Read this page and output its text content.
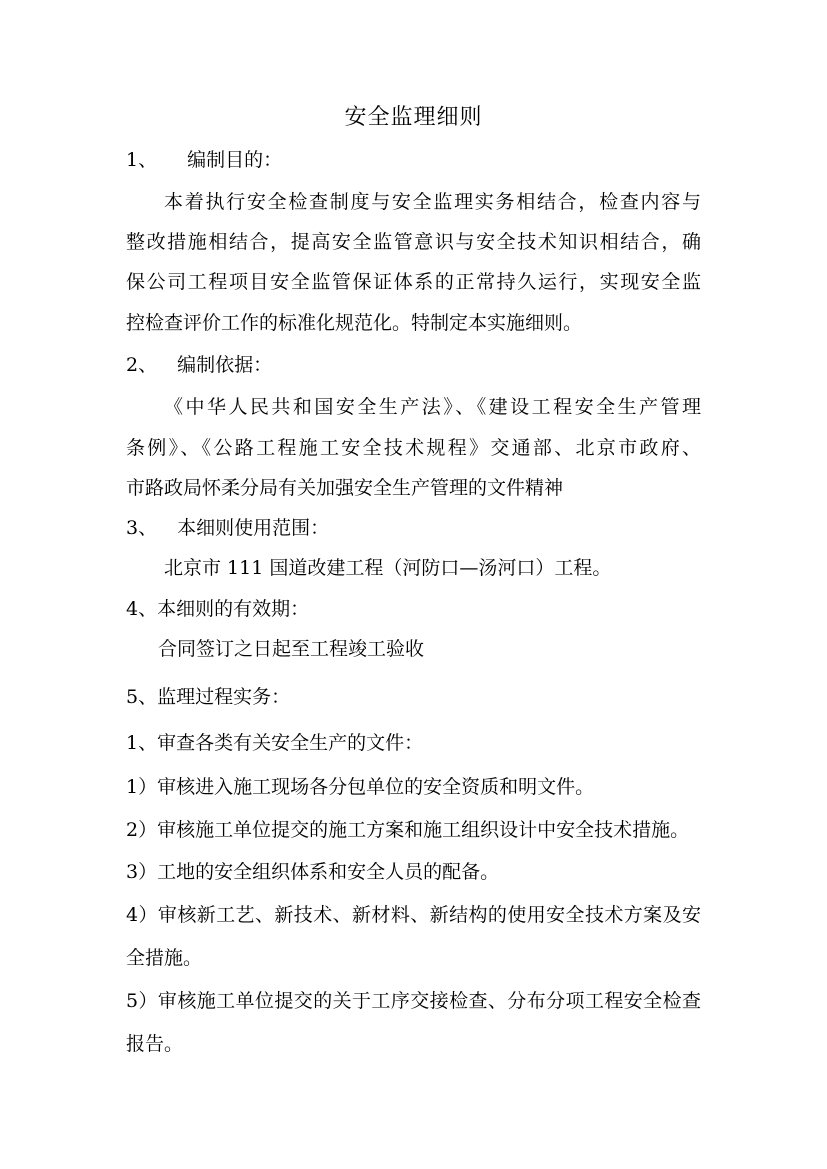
安全监理细则
1、 编制目的：
本着执行安全检查制度与安全监理实务相结合，检查内容与
整改措施相结合，提高安全监管意识与安全技术知识相结合，确
保公司工程项目安全监管保证体系的正常持久运行，实现安全监
控检查评价工作的标准化规范化。特制定本实施细则。
2、 编制依据：
《中华人民共和国安全生产法》、《建设工程安全生产管理
条例》、《公路工程施工安全技术规程》交通部、北京市政府、
市路政局怀柔分局有关加强安全生产管理的文件精神
3、 本细则使用范围：
北京市 111 国道改建工程（河防口—汤河口）工程。
4、本细则的有效期：
合同签订之日起至工程竣工验收
5、监理过程实务：
1、审查各类有关安全生产的文件：
1）审核进入施工现场各分包单位的安全资质和明文件。
2）审核施工单位提交的施工方案和施工组织设计中安全技术措施。
3）工地的安全组织体系和安全人员的配备。
4）审核新工艺、新技术、新材料、新结构的使用安全技术方案及安
全措施。
5）审核施工单位提交的关于工序交接检查、分布分项工程安全检查
报告。
